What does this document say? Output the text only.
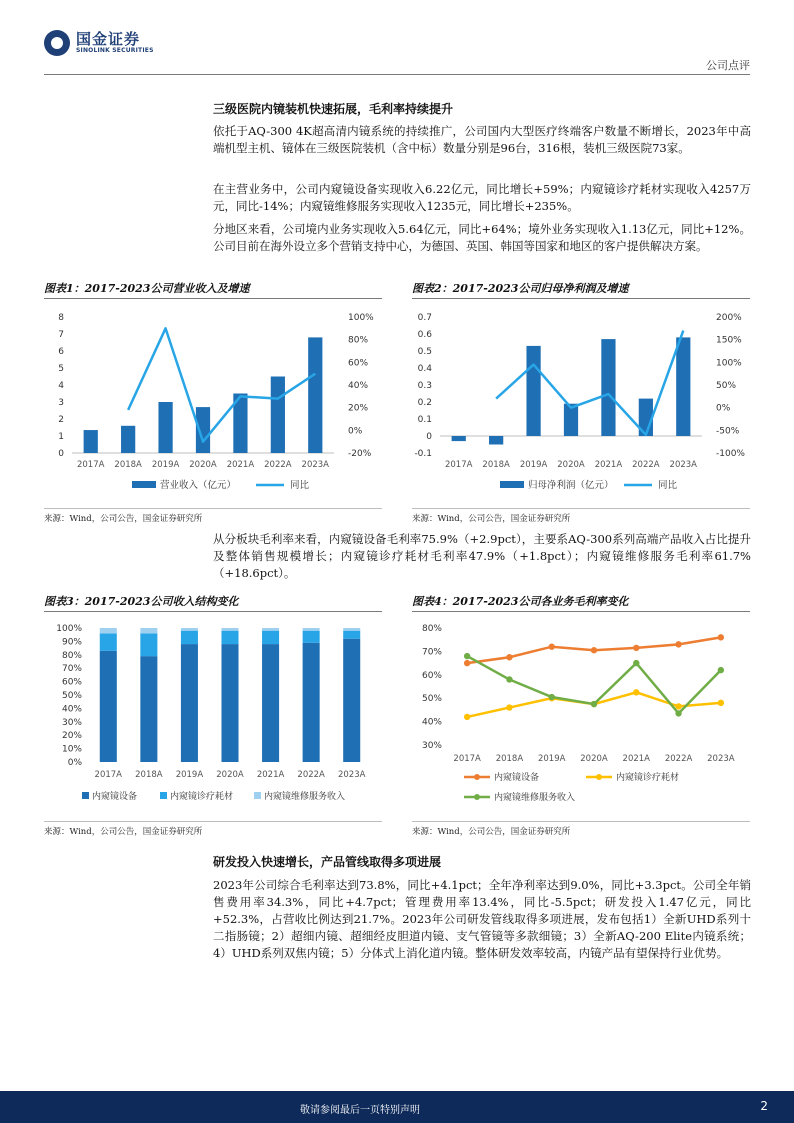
国金证券
SINOLINK SECURITIES
公司点评
三级医院内镜装机快速拓展，毛利率持续提升

依托于AQ-300 4K超高清内镜系统的持续推广，公司国内大型医疗终端客户数量不断增长，2023年中高端机型主机、镜体在三级医院装机（含中标）数量分别是96台，316根，装机三级医院73家。

在主营业务中，公司内窥镜设备实现收入6.22亿元，同比增长+59%；内窥镜诊疗耗材实现收入4257万元，同比-14%；内窥镜维修服务实现收入1235元，同比增长+235%。

分地区来看，公司境内业务实现收入5.64亿元，同比+64%；境外业务实现收入1.13亿元，同比+12%。公司目前在海外设立多个营销支持中心，为德国、英国、韩国等国家和地区的客户提供解决方案。

图表1：2017-2023公司营业收入及增速	图表2：2017-2023公司归母净利润及增速
0
1
2
3
4
5
6
7
8
-20%
0%
20%
40%
60%
80%
100%
2017A 2018A 2019A 2020A 2021A 2022A 2023A
营业收入（亿元）	同比
-0.1
0
0.1
0.2
0.3
0.4
0.5
0.6
0.7
-100%
-50%
0%
50%
100%
150%
200%
2017A 2018A 2019A 2020A 2021A 2022A 2023A
归母净利润（亿元）	同比
来源：Wind，公司公告，国金证券研究所	来源：Wind，公司公告，国金证券研究所

从分板块毛利率来看，内窥镜设备毛利率75.9%（+2.9pct），主要系AQ-300系列高端产品收入占比提升及整体销售规模增长；内窥镜诊疗耗材毛利率47.9%（+1.8pct）；内窥镜维修服务毛利率61.7%（+18.6pct）。

图表3：2017-2023公司收入结构变化	图表4：2017-2023公司各业务毛利率变化
0%
10%
20%
30%
40%
50%
60%
70%
80%
90%
100%
2017A 2018A 2019A 2020A 2021A 2022A 2023A
内窥镜设备	内窥镜诊疗耗材	内窥镜维修服务收入
30%
40%
50%
60%
70%
80%
2017A 2018A 2019A 2020A 2021A 2022A 2023A
内窥镜设备	内窥镜诊疗耗材
内窥镜维修服务收入
来源：Wind，公司公告，国金证券研究所	来源：Wind，公司公告，国金证券研究所
研发投入快速增长，产品管线取得多项进展

2023年公司综合毛利率达到73.8%，同比+4.1pct；全年净利率达到9.0%，同比+3.3pct。公司全年销售费用率34.3%，同比+4.7pct；管理费用率13.4%，同比-5.5pct；研发投入1.47亿元，同比+52.3%，占营收比例达到21.7%。2023年公司研发管线取得多项进展，发布包括1）全新UHD系列十二指肠镜；2）超细内镜、超细经皮胆道内镜、支气管镜等多款细镜；3）全新AQ-200 Elite内镜系统；4）UHD系列双焦内镜；5）分体式上消化道内镜。整体研发效率较高，内镜产品有望保持行业优势。

敬请参阅最后一页特别声明	2
